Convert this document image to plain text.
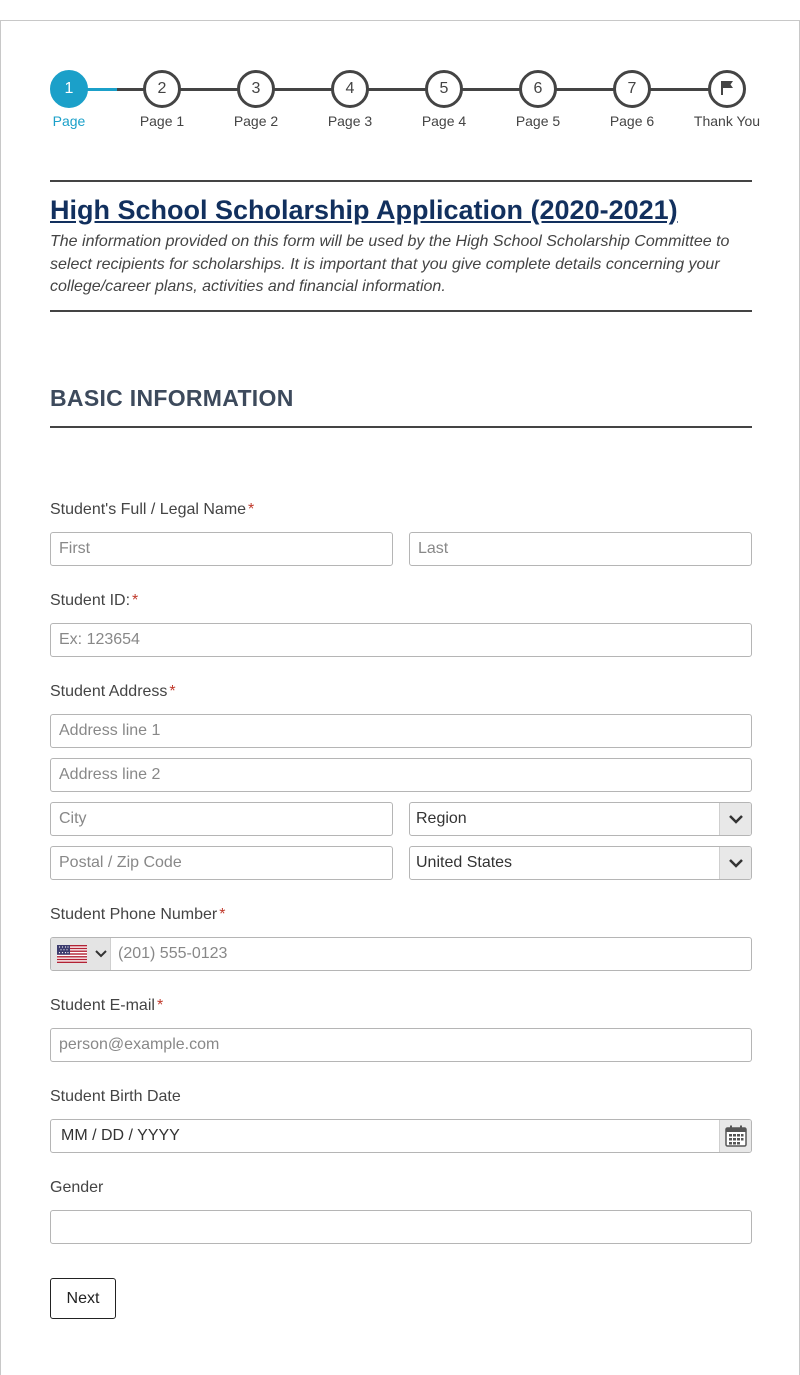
1
Page
2
Page 1
3
Page 2
4
Page 3
5
Page 4
6
Page 5
7
Page 6	Thank You
High School Scholarship Application (2020-2021)
The information provided on this form will be used by the High School Scholarship Committee to select recipients for scholarships. It is important that you give complete details concerning your college/career plans, activities and financial information.
BASIC INFORMATION
Student's Full / Legal Name *
First	Last
Student ID: *
Ex: 123654
Student Address *
Address line 1
Address line 2
City	Region
Postal / Zip Code	United States
Student Phone Number *
(201) 555-0123
Student E-mail *
person@example.com
Student Birth Date
MM / DD / YYYY
Gender
Next
